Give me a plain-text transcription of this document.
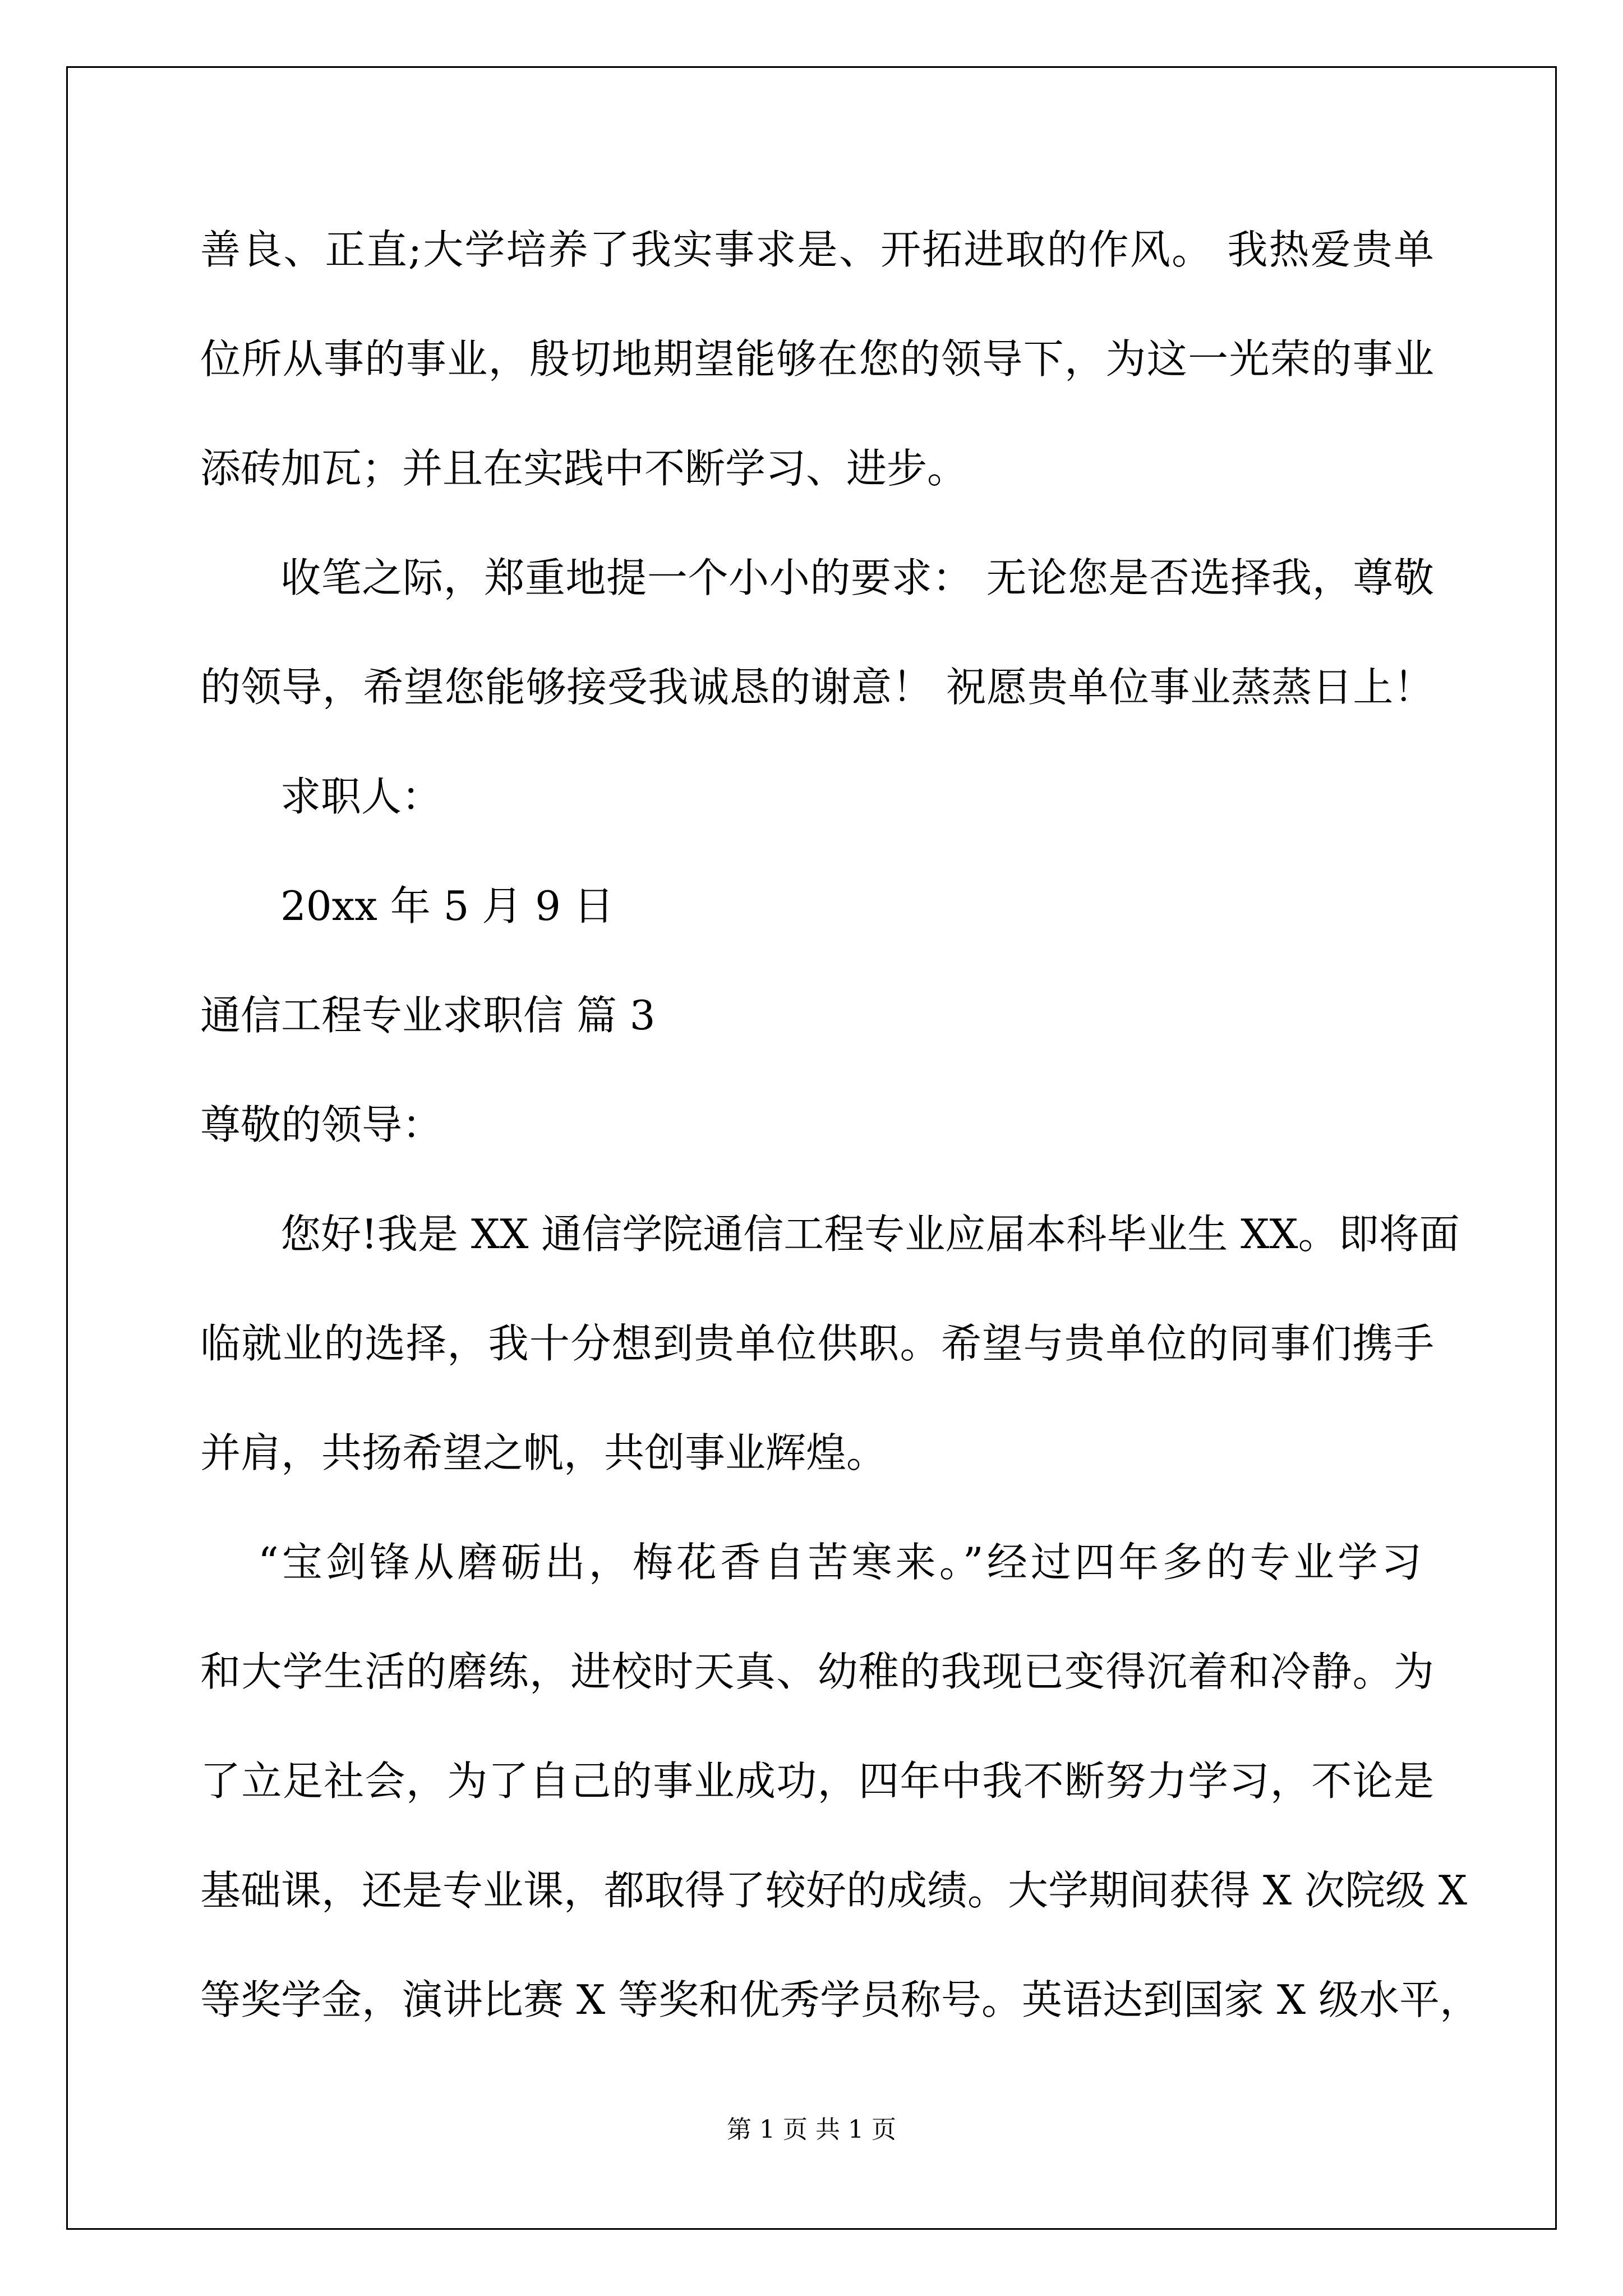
善良、正直;大学培养了我实事求是、开拓进取的作风。 我热爱贵单
位所从事的事业，殷切地期望能够在您的领导下，为这一光荣的事业
添砖加瓦；并且在实践中不断学习、进步。
收笔之际，郑重地提一个小小的要求： 无论您是否选择我，尊敬
的领导，希望您能够接受我诚恳的谢意！ 祝愿贵单位事业蒸蒸日上！
求职人：
20xx 年 5 月 9 日
通信工程专业求职信 篇 3
尊敬的领导：
您好!我是 XX 通信学院通信工程专业应届本科毕业生 XX。即将面
临就业的选择，我十分想到贵单位供职。希望与贵单位的同事们携手
并肩，共扬希望之帆，共创事业辉煌。
“宝剑锋从磨砺出，梅花香自苦寒来。”经过四年多的专业学习
和大学生活的磨练，进校时天真、幼稚的我现已变得沉着和冷静。为
了立足社会，为了自己的事业成功，四年中我不断努力学习，不论是
基础课，还是专业课，都取得了较好的成绩。大学期间获得 X 次院级 X
等奖学金，演讲比赛 X 等奖和优秀学员称号。英语达到国家 X 级水平，
第 1 页 共 1 页
